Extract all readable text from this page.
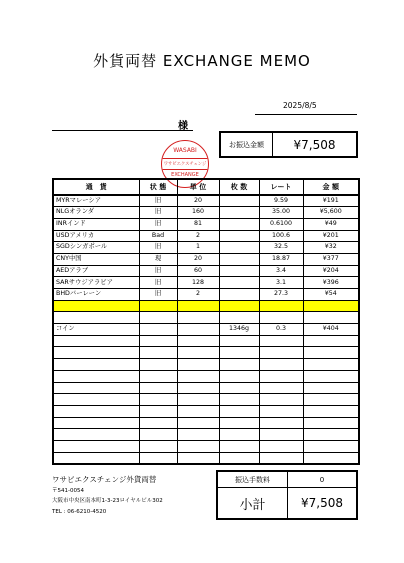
外貨両替 EXCHANGE MEMO
2025/8/5
様
WASABI
ワサビエクスチェンジ
EXCHANGE
お振込金額	¥7,508
通　貨	状 態	単 位	枚 数	レート	金 額
MYRマレーシア	旧	20		9.59	¥191
NLGオランダ	旧	160		35.00	¥5,600
INRインド	旧	81		0.6100	¥49
USDアメリカ	Bad	2		100.6	¥201
SGDシンガポール	旧	1		32.5	¥32
CNY中国	現	20		18.87	¥377
AEDアラブ	旧	60		3.4	¥204
SARサウジアラビア	旧	128		3.1	¥396
BHDバーレーン	旧	2		27.3	¥54

コイン			1346g	0.3	¥404

ワサビエクスチェンジ外貨両替
〒541-0054
大阪市中央区南本町1-3-23ロイヤルビル302
TEL : 06-6210-4520
振込手数料	0
小計	¥7,508
